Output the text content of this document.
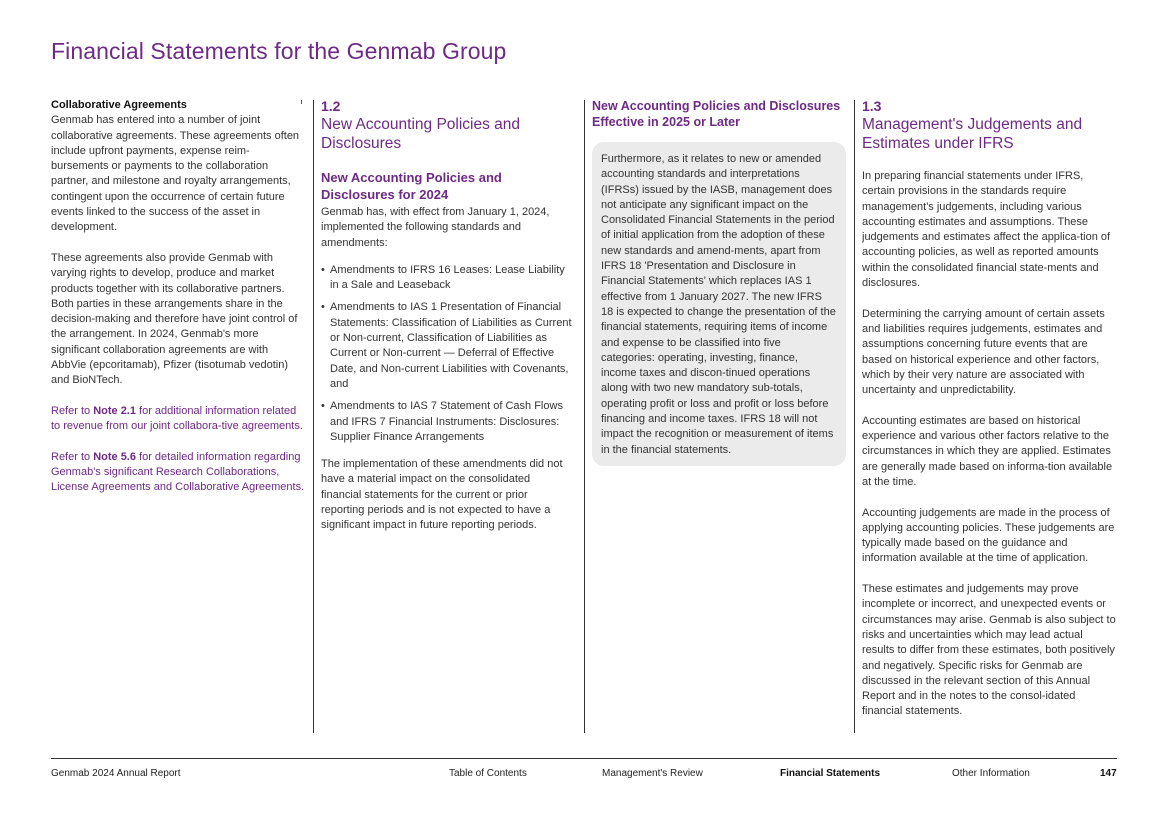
Financial Statements for the Genmab Group
Collaborative Agreements

Genmab has entered into a number of joint collaborative agreements. These agreements often include upfront payments, expense reim-bursements or payments to the collaboration partner, and milestone and royalty arrangements, contingent upon the occurrence of certain future events linked to the success of the asset in development.

These agreements also provide Genmab with varying rights to develop, produce and market products together with its collaborative partners. Both parties in these arrangements share in the decision-making and therefore have joint control of the arrangement. In 2024, Genmab's more significant collaboration agreements are with AbbVie (epcoritamab), Pfizer (tisotumab vedotin) and BioNTech.

Refer to Note 2.1 for additional information related to revenue from our joint collabora-tive agreements.

Refer to Note 5.6 for detailed information regarding Genmab's significant Research Collaborations, License Agreements and Collaborative Agreements.

1.2
New Accounting Policies and Disclosures
New Accounting Policies and Disclosures for 2024

Genmab has, with effect from January 1, 2024, implemented the following standards and amendments:

• Amendments to IFRS 16 Leases: Lease Liability in a Sale and Leaseback
• Amendments to IAS 1 Presentation of Financial Statements: Classification of Liabilities as Current or Non-current, Classification of Liabilities as Current or Non-current — Deferral of Effective Date, and Non-current Liabilities with Covenants, and
• Amendments to IAS 7 Statement of Cash Flows and IFRS 7 Financial Instruments: Disclosures: Supplier Finance Arrangements

The implementation of these amendments did not have a material impact on the consolidated financial statements for the current or prior reporting periods and is not expected to have a significant impact in future reporting periods.

New Accounting Policies and Disclosures Effective in 2025 or Later
Furthermore, as it relates to new or amended accounting standards and interpretations (IFRSs) issued by the IASB, management does not anticipate any significant impact on the Consolidated Financial Statements in the period of initial application from the adoption of these new standards and amend-ments, apart from IFRS 18 'Presentation and Disclosure in Financial Statements' which replaces IAS 1 effective from 1 January 2027. The new IFRS 18 is expected to change the presentation of the financial statements, requiring items of income and expense to be classified into five categories: operating, investing, finance, income taxes and discon-tinued operations along with two new mandatory sub-totals, operating profit or loss and profit or loss before financing and income taxes. IFRS 18 will not impact the recognition or measurement of items in the financial statements.
1.3
Management's Judgements and Estimates under IFRS

In preparing financial statements under IFRS, certain provisions in the standards require management's judgements, including various accounting estimates and assumptions. These judgements and estimates affect the applica-tion of accounting policies, as well as reported amounts within the consolidated financial state-ments and disclosures.

Determining the carrying amount of certain assets and liabilities requires judgements, estimates and assumptions concerning future events that are based on historical experience and other factors, which by their very nature are associated with uncertainty and unpredictability.

Accounting estimates are based on historical experience and various other factors relative to the circumstances in which they are applied. Estimates are generally made based on informa-tion available at the time.

Accounting judgements are made in the process of applying accounting policies. These judgements are typically made based on the guidance and information available at the time of application.

These estimates and judgements may prove incomplete or incorrect, and unexpected events or circumstances may arise. Genmab is also subject to risks and uncertainties which may lead actual results to differ from these estimates, both positively and negatively. Specific risks for Genmab are discussed in the relevant section of this Annual Report and in the notes to the consol-idated financial statements.

Genmab 2024 Annual Report	Table of Contents	Management's Review	Financial Statements	Other Information	147
